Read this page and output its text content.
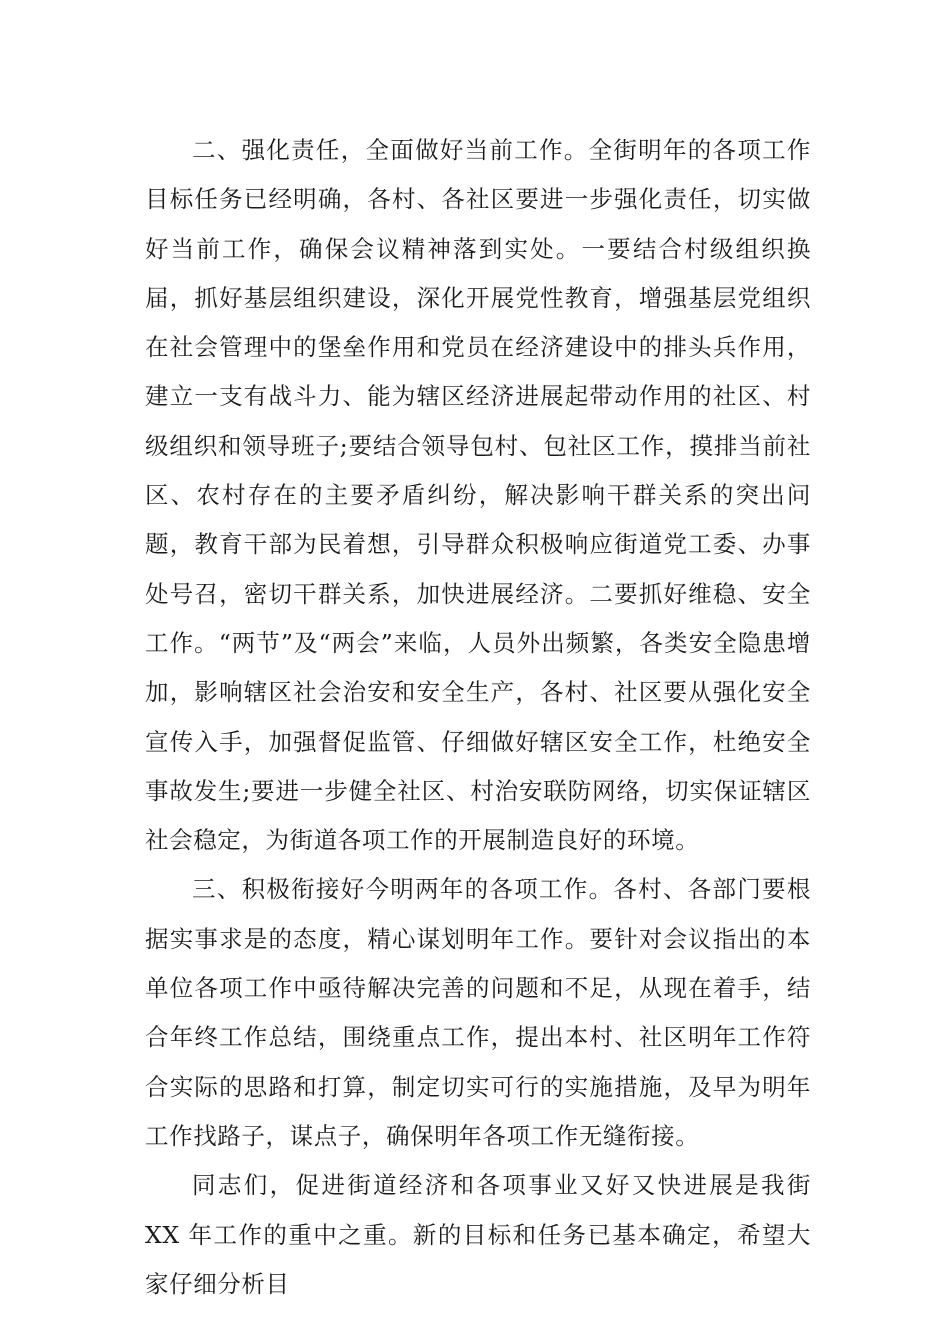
二、强化责任，全面做好当前工作。全街明年的各项工作目标任务已经明确，各村、各社区要进一步强化责任，切实做好当前工作，确保会议精神落到实处。一要结合村级组织换届，抓好基层组织建设，深化开展党性教育，增强基层党组织在社会管理中的堡垒作用和党员在经济建设中的排头兵作用，建立一支有战斗力、能为辖区经济进展起带动作用的社区、村级组织和领导班子;要结合领导包村、包社区工作，摸排当前社区、农村存在的主要矛盾纠纷，解决影响干群关系的突出问题，教育干部为民着想，引导群众积极响应街道党工委、办事处号召，密切干群关系，加快进展经济。二要抓好维稳、安全工作。“两节”及“两会”来临，人员外出频繁，各类安全隐患增加，影响辖区社会治安和安全生产，各村、社区要从强化安全宣传入手，加强督促监管、仔细做好辖区安全工作，杜绝安全事故发生;要进一步健全社区、村治安联防网络，切实保证辖区社会稳定，为街道各项工作的开展制造良好的环境。

三、积极衔接好今明两年的各项工作。各村、各部门要根据实事求是的态度，精心谋划明年工作。要针对会议指出的本单位各项工作中亟待解决完善的问题和不足，从现在着手，结合年终工作总结，围绕重点工作，提出本村、社区明年工作符合实际的思路和打算，制定切实可行的实施措施，及早为明年工作找路子，谋点子，确保明年各项工作无缝衔接。

同志们，促进街道经济和各项事业又好又快进展是我街 XX 年工作的重中之重。新的目标和任务已基本确定，希望大家仔细分析目
